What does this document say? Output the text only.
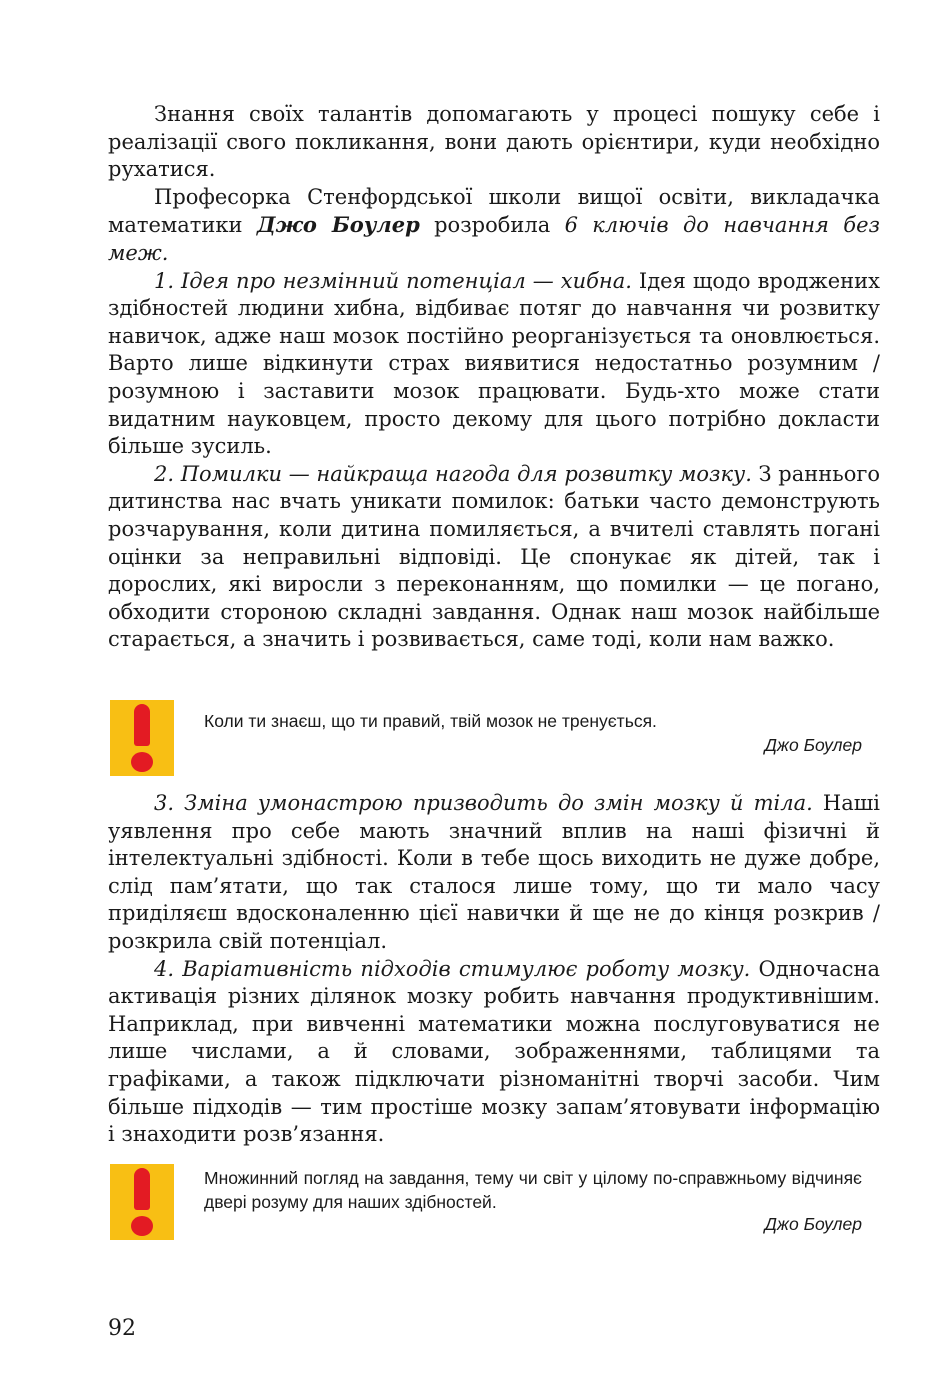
Знання своїх талантів допомагають у процесі пошуку себе і реалізації свого покликання, вони дають орієнтири, куди необхідно рухатися.

Професорка Стенфордської школи вищої освіти, викладачка математики Джо Боулер розробила 6 ключів до навчання без меж.

1. Ідея про незмінний потенціал — хибна. Ідея щодо вроджених здібностей людини хибна, відбиває потяг до навчання чи розвитку навичок, адже наш мозок постійно реорганізується та оновлюється. Варто лише відкинути страх виявитися недостатньо розумним / розумною і заставити мозок працювати. Будь-хто може стати видатним науковцем, просто декому для цього потрібно докласти більше зусиль.

2. Помилки — найкраща нагода для розвитку мозку. З раннього дитинства нас вчать уникати помилок: батьки часто демонструють розчарування, коли дитина помиляється, а вчителі ставлять погані оцінки за неправильні відповіді. Це спонукає як дітей, так і дорослих, які виросли з переконанням, що помилки — це погано, обходити стороною складні завдання. Однак наш мозок найбільше старається, а значить і розвивається, саме тоді, коли нам важко.

Коли ти знаєш, що ти правий, твій мозок не тренується.
Джо Боулер

3. Зміна умонастрою призводить до змін мозку й тіла. Наші уявлення про себе мають значний вплив на наші фізичні й інтелектуальні здібності. Коли в тебе щось виходить не дуже добре, слід пам’ятати, що так сталося лише тому, що ти мало часу приділяєш вдосконаленню цієї навички й ще не до кінця розкрив / розкрила свій потенціал.

4. Варіативність підходів стимулює роботу мозку. Одночасна активація різних ділянок мозку робить навчання продуктивнішим. Наприклад, при вивченні математики можна послуговуватися не лише числами, а й словами, зображеннями, таблицями та графіками, а також підключати різноманітні творчі засоби. Чим більше підходів — тим простіше мозку запам’ятовувати інформацію і знаходити розв’язання.

Множинний погляд на завдання, тему чи світ у цілому по-справжньому відчиняє двері розуму для наших здібностей.
Джо Боулер
92
